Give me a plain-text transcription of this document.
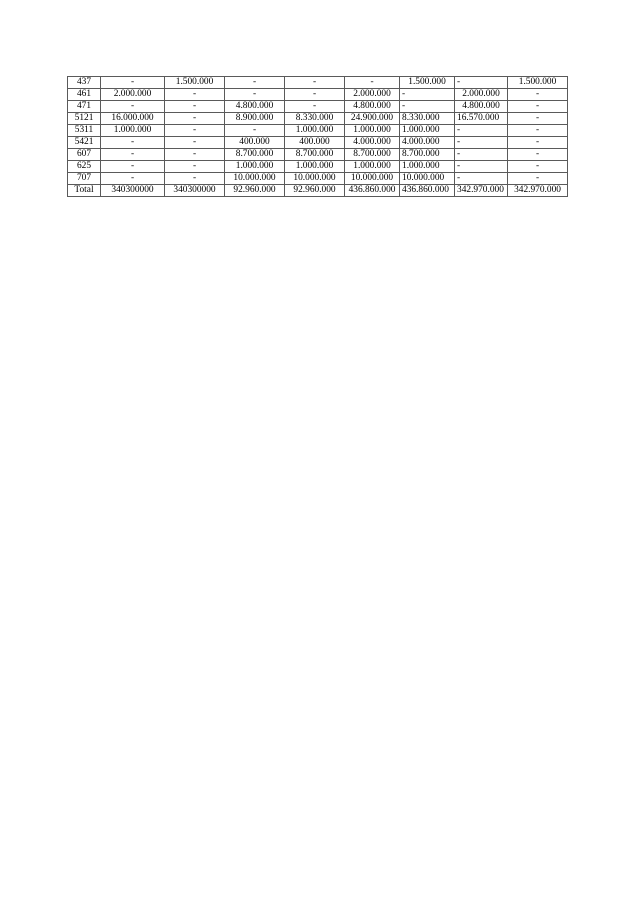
437	-	1.500.000	-	-	-	1.500.000	-	1.500.000
461	2.000.000	-	-	-	2.000.000	-	2.000.000	-
471	-	-	4.800.000	-	4.800.000	-	4.800.000	-
5121	16.000.000	-	8.900.000	8.330.000	24.900.000	8.330.000	16.570.000	-
5311	1.000.000	-	-	1.000.000	1.000.000	1.000.000	-	-
5421	-	-	400.000	400.000	4.000.000	4.000.000	-	-
607	-	-	8.700.000	8.700.000	8.700.000	8.700.000	-	-
625	-	-	1.000.000	1.000.000	1.000.000	1.000.000	-	-
707	-	-	10.000.000	10.000.000	10.000.000	10.000.000	-	-
Total	340300000	340300000	92.960.000	92.960.000	436.860.000	436.860.000	342.970.000	342.970.000
